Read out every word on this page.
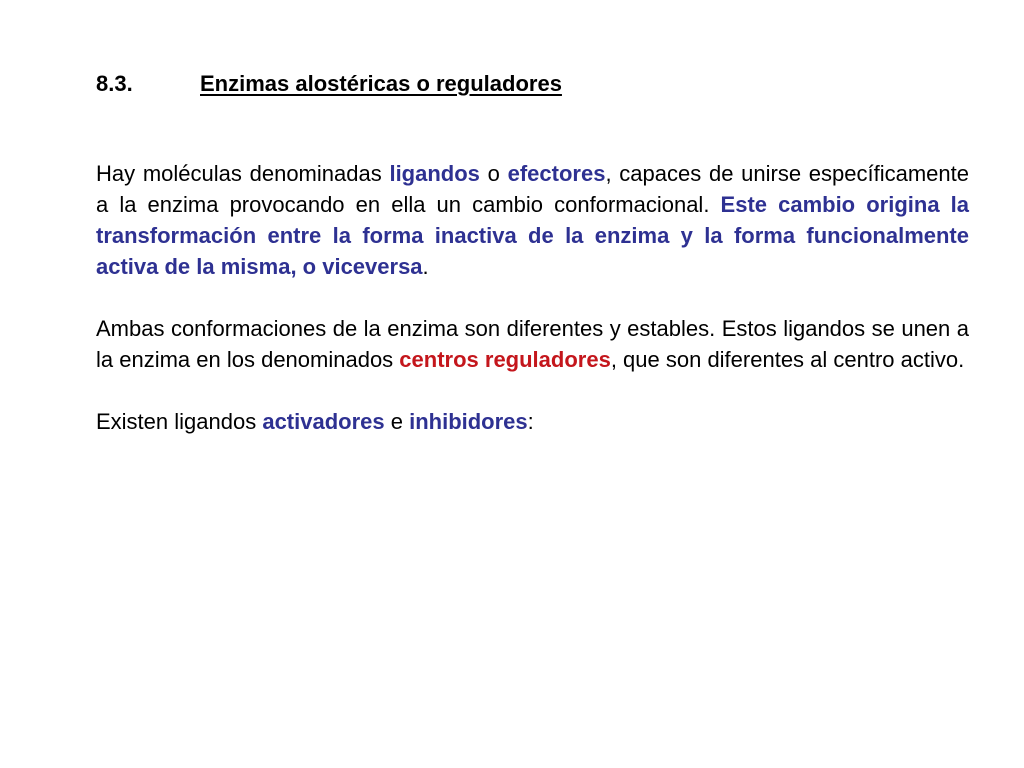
8.3.	Enzimas alostéricas o reguladores

Hay moléculas denominadas ligandos o efectores, capaces de unirse específicamente a la enzima provocando en ella un cambio conformacional. Este cambio origina la transformación entre la forma inactiva de la enzima y la forma funcionalmente activa de la misma, o viceversa.

Ambas conformaciones de la enzima son diferentes y estables. Estos ligandos se unen a la enzima en los denominados centros reguladores, que son diferentes al centro activo.

Existen ligandos activadores e inhibidores:
